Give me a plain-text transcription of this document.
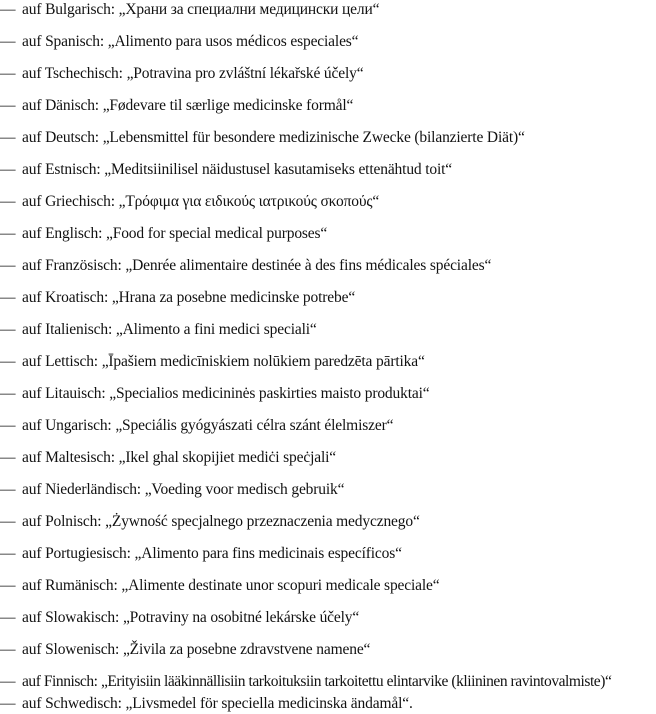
— auf Bulgarisch: „Храни за специални медицински цели“
— auf Spanisch: „Alimento para usos médicos especiales“
— auf Tschechisch: „Potravina pro zvláštní lékařské účely“
— auf Dänisch: „Fødevare til særlige medicinske formål“
— auf Deutsch: „Lebensmittel für besondere medizinische Zwecke (bilanzierte Diät)“
— auf Estnisch: „Meditsiinilisel näidustusel kasutamiseks ettenähtud toit“
— auf Griechisch: „Τρόφιμα για ειδικούς ιατρικούς σκοπούς“
— auf Englisch: „Food for special medical purposes“
— auf Französisch: „Denrée alimentaire destinée à des fins médicales spéciales“
— auf Kroatisch: „Hrana za posebne medicinske potrebe“
— auf Italienisch: „Alimento a fini medici speciali“
— auf Lettisch: „Īpašiem medicīniskiem nolūkiem paredzēta pārtika“
— auf Litauisch: „Specialios medicininės paskirties maisto produktai“
— auf Ungarisch: „Speciális gyógyászati célra szánt élelmiszer“
— auf Maltesisch: „Ikel ghal skopijiet mediċi speċjali“
— auf Niederländisch: „Voeding voor medisch gebruik“
— auf Polnisch: „Żywność specjalnego przeznaczenia medycznego“
— auf Portugiesisch: „Alimento para fins medicinais específicos“
— auf Rumänisch: „Alimente destinate unor scopuri medicale speciale“
— auf Slowakisch: „Potraviny na osobitné lekárske účely“
— auf Slowenisch: „Živila za posebne zdravstvene namene“
— auf Finnisch: „Erityisiin lääkinnällisiin tarkoituksiin tarkoitettu elintarvike (kliininen ravintovalmiste)“
— auf Schwedisch: „Livsmedel för speciella medicinska ändamål“.
